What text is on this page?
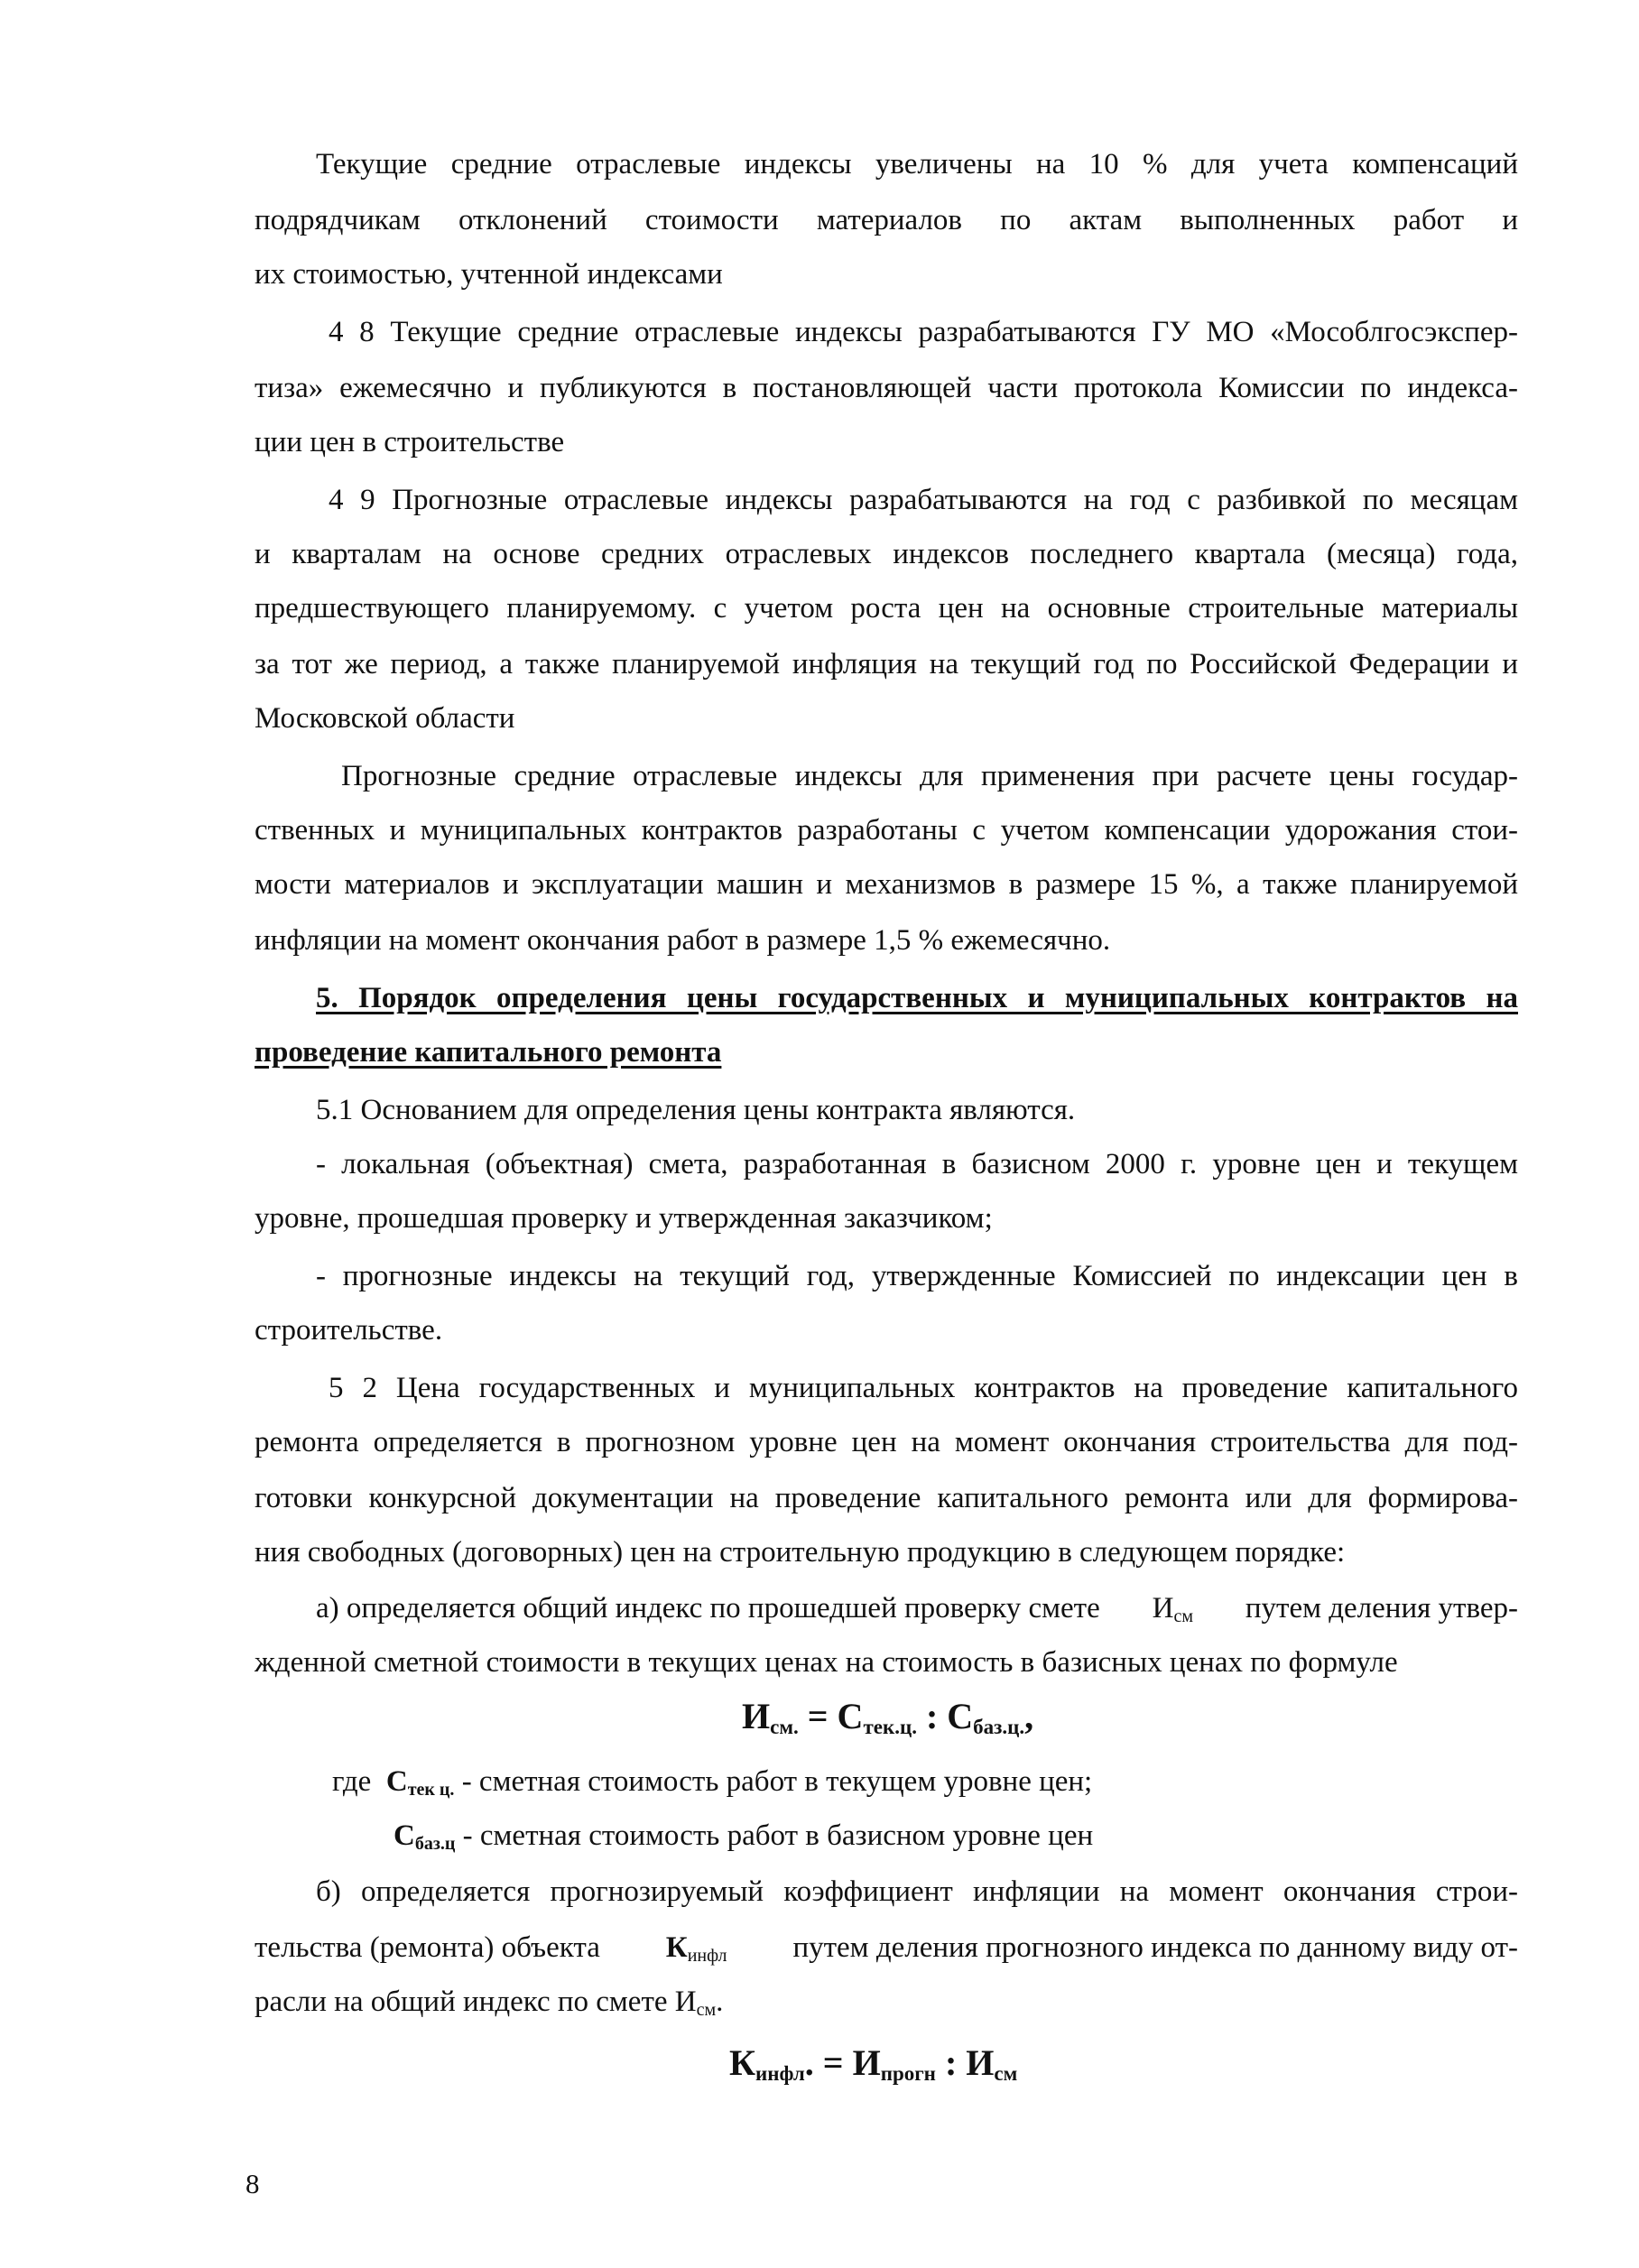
Текущие средние отраслевые индексы увеличены на 10 % для учета компенсаций
подрядчикам отклонений стоимости материалов по актам выполненных работ и
их стоимостью, учтенной индексами
4 8 Текущие средние отраслевые индексы разрабатываются ГУ МО «Мособлгосэкспер-
тиза» ежемесячно и публикуются в постановляющей части протокола Комиссии по индекса-
ции цен в строительстве
4 9 Прогнозные отраслевые индексы разрабатываются на год с разбивкой по месяцам
и кварталам на основе средних отраслевых индексов последнего квартала (месяца) года,
предшествующего планируемому. с учетом роста цен на основные строительные материалы
за тот же период, а также планируемой инфляция на текущий год по Российской Федерации и
Московской области
Прогнозные средние отраслевые индексы для применения при расчете цены государ-
ственных и муниципальных контрактов разработаны с учетом компенсации удорожания стои-
мости материалов и эксплуатации машин и механизмов в размере 15 %, а также планируемой
инфляции на момент окончания работ в размере 1,5 % ежемесячно.
5. Порядок определения цены государственных и муниципальных контрактов на
проведение капитального ремонта
5.1 Основанием для определения цены контракта являются.
- локальная (объектная) смета, разработанная в базисном 2000 г. уровне цен и текущем
уровне, прошедшая проверку и утвержденная заказчиком;
- прогнозные индексы на текущий год, утвержденные Комиссией по индексации цен в
строительстве.
5 2 Цена государственных и муниципальных контрактов на проведение капитального
ремонта определяется в прогнозном уровне цен на момент окончания строительства для под-
готовки конкурсной документации на проведение капитального ремонта или для формирова-
ния свободных (договорных) цен на строительную продукцию в следующем порядке:
а) определяется общий индекс по прошедшей проверку смете $И_{см}$ путем деления утвер-
жденной сметной стоимости в текущих ценах на стоимость в базисных ценах по формуле
$И_{см.} = С_{тек.ц.}$ : $С_{баз.ц.}$,
где $С_{тек ц.}$ - сметная стоимость работ в текущем уровне цен;
$С_{баз.ц}$ - сметная стоимость работ в базисном уровне цен
б) определяется прогнозируемый коэффициент инфляции на момент окончания строи-
тельства (ремонта) объекта $К_{инфл}$ путем деления прогнозного индекса по данному виду от-
расли на общий индекс по смете $И_{см}$.
$К_{инфл}$. = $И_{прогн}$ : $И_{см}$
8
